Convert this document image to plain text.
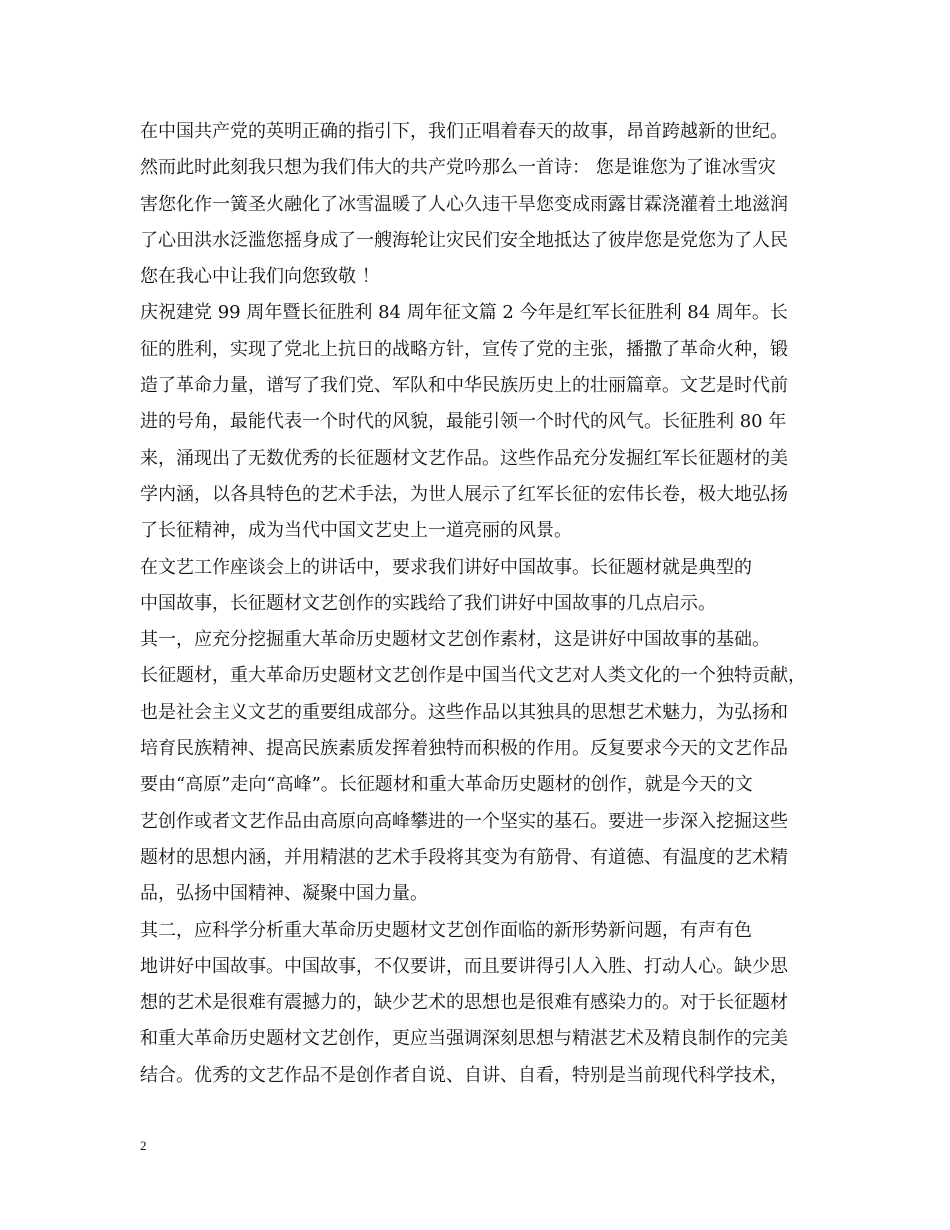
在中国共产党的英明正确的指引下，我们正唱着春天的故事，昂首跨越新的世纪。
然而此时此刻我只想为我们伟大的共产党吟那么一首诗： 您是谁您为了谁冰雪灾
害您化作一簧圣火融化了冰雪温暖了人心久违干旱您变成雨露甘霖浇灌着土地滋润
了心田洪水泛滥您摇身成了一艘海轮让灾民们安全地抵达了彼岸您是党您为了人民
您在我心中让我们向您致敬 ！
庆祝建党 99 周年暨长征胜利 84 周年征文篇 2 今年是红军长征胜利 84 周年。长
征的胜利，实现了党北上抗日的战略方针，宣传了党的主张，播撒了革命火种，锻
造了革命力量，谱写了我们党、军队和中华民族历史上的壮丽篇章。文艺是时代前
进的号角，最能代表一个时代的风貌，最能引领一个时代的风气。长征胜利 80 年
来，涌现出了无数优秀的长征题材文艺作品。这些作品充分发掘红军长征题材的美
学内涵，以各具特色的艺术手法，为世人展示了红军长征的宏伟长卷，极大地弘扬
了长征精神，成为当代中国文艺史上一道亮丽的风景。
在文艺工作座谈会上的讲话中，要求我们讲好中国故事。长征题材就是典型的
中国故事，长征题材文艺创作的实践给了我们讲好中国故事的几点启示。
其一，应充分挖掘重大革命历史题材文艺创作素材，这是讲好中国故事的基础。
长征题材，重大革命历史题材文艺创作是中国当代文艺对人类文化的一个独特贡献，
也是社会主义文艺的重要组成部分。这些作品以其独具的思想艺术魅力，为弘扬和
培育民族精神、提高民族素质发挥着独特而积极的作用。反复要求今天的文艺作品
要由“高原”走向“高峰”。长征题材和重大革命历史题材的创作，就是今天的文
艺创作或者文艺作品由高原向高峰攀进的一个坚实的基石。要进一步深入挖掘这些
题材的思想内涵，并用精湛的艺术手段将其变为有筋骨、有道德、有温度的艺术精
品，弘扬中国精神、凝聚中国力量。
其二，应科学分析重大革命历史题材文艺创作面临的新形势新问题，有声有色
地讲好中国故事。中国故事，不仅要讲，而且要讲得引人入胜、打动人心。缺少思
想的艺术是很难有震撼力的，缺少艺术的思想也是很难有感染力的。对于长征题材
和重大革命历史题材文艺创作，更应当强调深刻思想与精湛艺术及精良制作的完美
结合。优秀的文艺作品不是创作者自说、自讲、自看，特别是当前现代科学技术，
2
